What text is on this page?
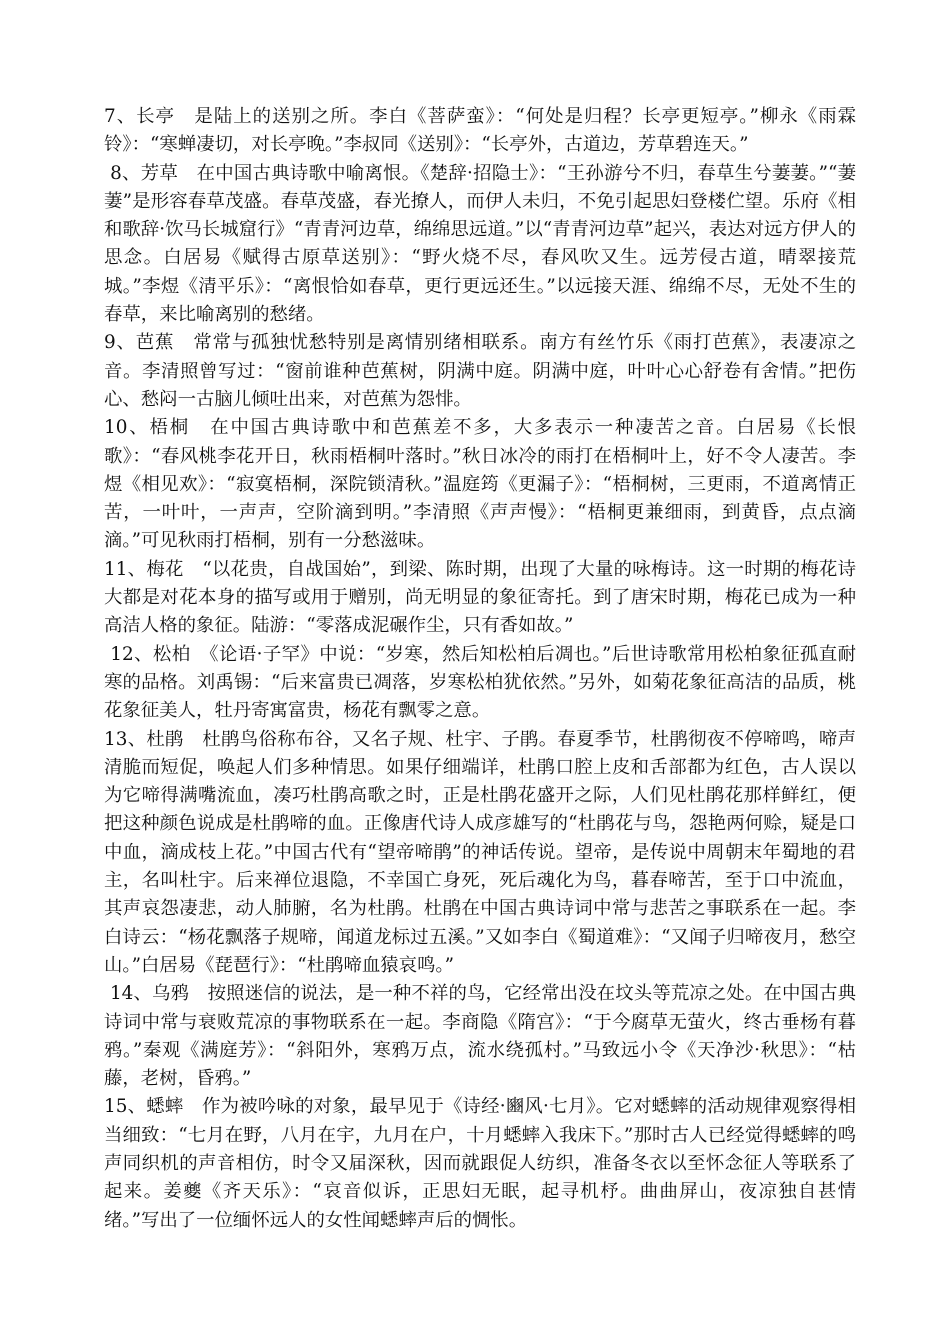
7、长亭　是陆上的送别之所。李白《菩萨蛮》：“何处是归程？长亭更短亭。”柳永《雨霖铃》：“寒蝉凄切，对长亭晚。”李叔同《送别》：“长亭外，古道边，芳草碧连天。”

8、芳草　在中国古典诗歌中喻离恨。《楚辞·招隐士》：“王孙游兮不归，春草生兮萋萋。”“萋萋”是形容春草茂盛。春草茂盛，春光撩人，而伊人未归，不免引起思妇登楼伫望。乐府《相和歌辞·饮马长城窟行》“青青河边草，绵绵思远道。”以“青青河边草”起兴，表达对远方伊人的思念。白居易《赋得古原草送别》：“野火烧不尽，春风吹又生。远芳侵古道，晴翠接荒城。”李煜《清平乐》：“离恨恰如春草，更行更远还生。”以远接天涯、绵绵不尽，无处不生的春草，来比喻离别的愁绪。

9、芭蕉　常常与孤独忧愁特别是离情别绪相联系。南方有丝竹乐《雨打芭蕉》，表凄凉之音。李清照曾写过：“窗前谁种芭蕉树，阴满中庭。阴满中庭，叶叶心心舒卷有舍情。”把伤心、愁闷一古脑儿倾吐出来，对芭蕉为怨悱。

10、梧桐　在中国古典诗歌中和芭蕉差不多，大多表示一种凄苦之音。白居易《长恨歌》：“春风桃李花开日，秋雨梧桐叶落时。”秋日冰冷的雨打在梧桐叶上，好不令人凄苦。李煜《相见欢》：“寂寞梧桐，深院锁清秋。”温庭筠《更漏子》：“梧桐树，三更雨，不道离情正苦，一叶叶，一声声，空阶滴到明。”李清照《声声慢》：“梧桐更兼细雨，到黄昏，点点滴滴。”可见秋雨打梧桐，别有一分愁滋味。

11、梅花　“以花贵，自战国始”，到梁、陈时期，出现了大量的咏梅诗。这一时期的梅花诗大都是对花本身的描写或用于赠别，尚无明显的象征寄托。到了唐宋时期，梅花已成为一种高洁人格的象征。陆游：“零落成泥碾作尘，只有香如故。”

12、松柏　《论语·子罕》中说：“岁寒，然后知松柏后凋也。”后世诗歌常用松柏象征孤直耐寒的品格。刘禹锡：“后来富贵已凋落，岁寒松柏犹依然。”另外，如菊花象征高洁的品质，桃花象征美人，牡丹寄寓富贵，杨花有飘零之意。

13、杜鹃　杜鹃鸟俗称布谷，又名子规、杜宇、子鹃。春夏季节，杜鹃彻夜不停啼鸣，啼声清脆而短促，唤起人们多种情思。如果仔细端详，杜鹃口腔上皮和舌部都为红色，古人误以为它啼得满嘴流血，凑巧杜鹃高歌之时，正是杜鹃花盛开之际，人们见杜鹃花那样鲜红，便把这种颜色说成是杜鹃啼的血。正像唐代诗人成彦雄写的“杜鹃花与鸟，怨艳两何赊，疑是口中血，滴成枝上花。”中国古代有“望帝啼鹃”的神话传说。望帝，是传说中周朝末年蜀地的君主，名叫杜宇。后来禅位退隐，不幸国亡身死，死后魂化为鸟，暮春啼苦，至于口中流血，其声哀怨凄悲，动人肺腑，名为杜鹃。杜鹃在中国古典诗词中常与悲苦之事联系在一起。李白诗云：“杨花飘落子规啼，闻道龙标过五溪。”又如李白《蜀道难》：“又闻子归啼夜月，愁空山。”白居易《琵琶行》：“杜鹃啼血猿哀鸣。”

14、乌鸦　按照迷信的说法，是一种不祥的鸟，它经常出没在坟头等荒凉之处。在中国古典诗词中常与衰败荒凉的事物联系在一起。李商隐《隋宫》：“于今腐草无萤火，终古垂杨有暮鸦。”秦观《满庭芳》：“斜阳外，寒鸦万点，流水绕孤村。”马致远小令《天净沙·秋思》：“枯藤，老树，昏鸦。”

15、蟋蟀　作为被吟咏的对象，最早见于《诗经·豳风·七月》。它对蟋蟀的活动规律观察得相当细致：“七月在野，八月在宇，九月在户，十月蟋蟀入我床下。”那时古人已经觉得蟋蟀的鸣声同织机的声音相仿，时令又届深秋，因而就跟促人纺织，准备冬衣以至怀念征人等联系了起来。姜夔《齐天乐》：“哀音似诉，正思妇无眠，起寻机杼。曲曲屏山，夜凉独自甚情绪。”写出了一位缅怀远人的女性闻蟋蟀声后的惆怅。
